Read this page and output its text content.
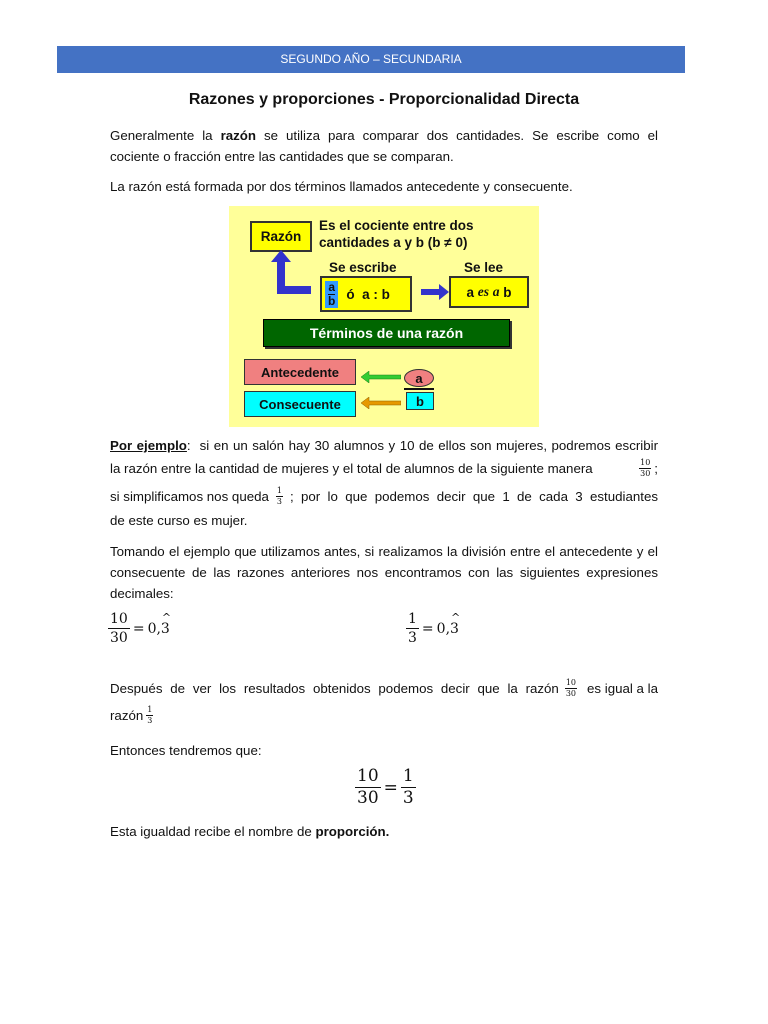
SEGUNDO AÑO – SECUNDARIA
Razones y proporciones - Proporcionalidad Directa
Generalmente la razón se utiliza para comparar dos cantidades. Se escribe como el cociente o fracción entre las cantidades que se comparan.
La razón está formada por dos términos llamados antecedente y consecuente.
Razón
Es el cociente entre dos
cantidades a y b (b ≠ 0)
Se escribe	Se lee
$\frac{a}{b}$ ó  a : b	a es
a b
Términos de una razón
Antecedente
Consecuente
a
b
Por ejemplo:  si en un salón hay 30 alumnos y 10 de ellos son mujeres, podremos escribir
la razón entre la cantidad de mujeres y el total de alumnos de la siguiente manera	$\frac{10}{30}$ ;
si simplificamos nos queda $\frac{1}{3}$ ; por lo que podemos decir que 1 de cada 3 estudiantes
de este curso es mujer.
Tomando el ejemplo que utilizamos antes, si realizamos la división entre el antecedente y el consecuente de las razones anteriores nos encontramos con las siguientes expresiones decimales:
$\frac{10}{30} = 0$, ^ 3	$\frac{1}{3} = 0$, ^ 3
Después de ver los resultados obtenidos podemos decir que la razón $\frac{10}{30}$ es igual a la
razón $\frac{1}{3}$
Entonces tendremos que:
$\frac{10}{30} = \frac{1}{3}$
Esta igualdad recibe el nombre de proporción.
